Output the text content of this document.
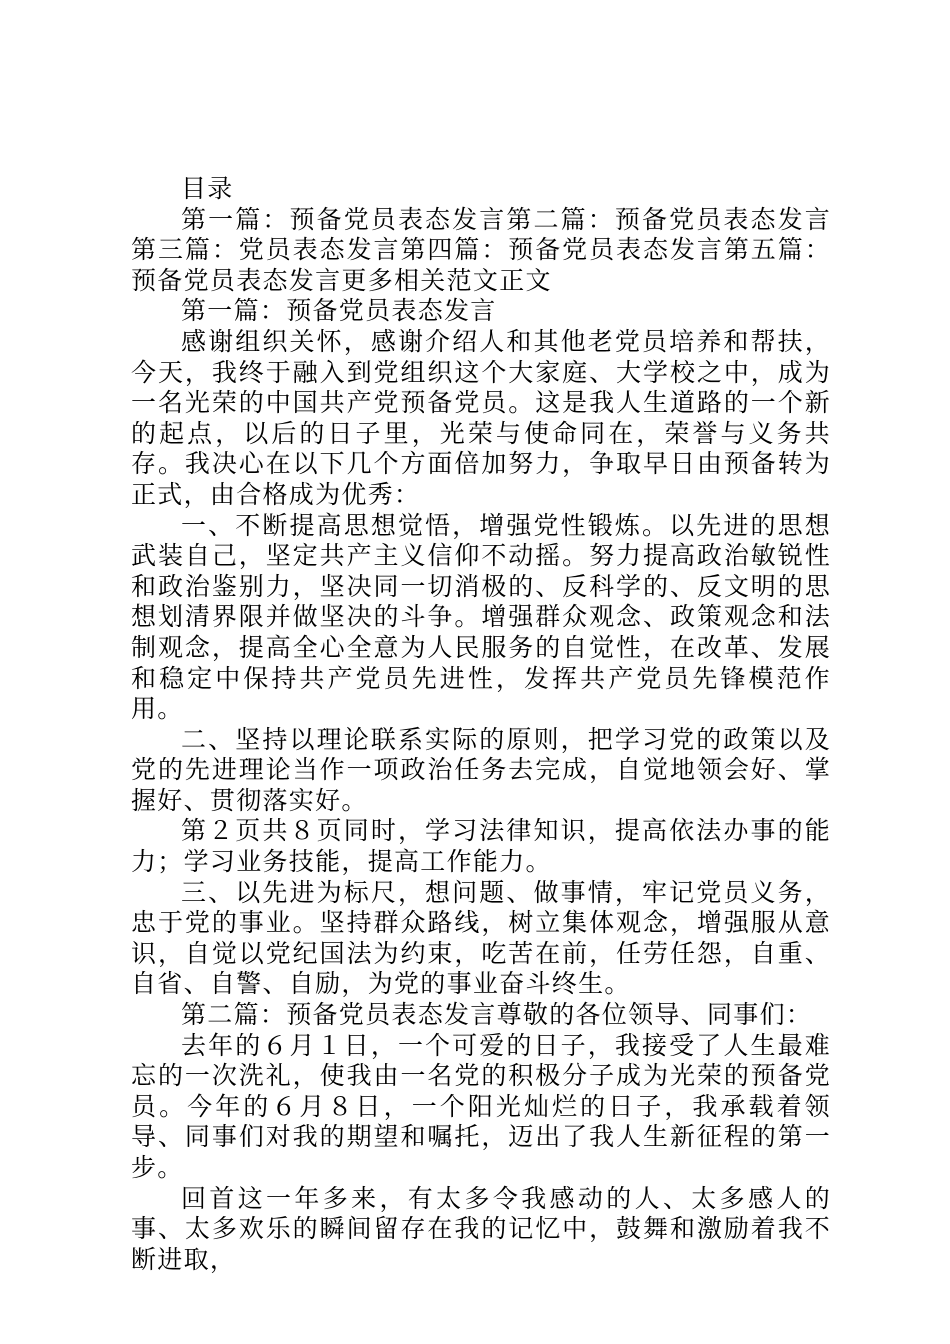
目录

第一篇：预备党员表态发言第二篇：预备党员表态发言第三篇：党员表态发言第四篇：预备党员表态发言第五篇：预备党员表态发言更多相关范文正文

第一篇：预备党员表态发言

感谢组织关怀，感谢介绍人和其他老党员培养和帮扶，今天，我终于融入到党组织这个大家庭、大学校之中，成为一名光荣的中国共产党预备党员。这是我人生道路的一个新的起点，以后的日子里，光荣与使命同在，荣誉与义务共存。我决心在以下几个方面倍加努力，争取早日由预备转为正式，由合格成为优秀：

一、不断提高思想觉悟，增强党性锻炼。以先进的思想武装自己，坚定共产主义信仰不动摇。努力提高政治敏锐性和政治鉴别力，坚决同一切消极的、反科学的、反文明的思想划清界限并做坚决的斗争。增强群众观念、政策观念和法制观念，提高全心全意为人民服务的自觉性，在改革、发展和稳定中保持共产党员先进性，发挥共产党员先锋模范作用。

二、坚持以理论联系实际的原则，把学习党的政策以及党的先进理论当作一项政治任务去完成，自觉地领会好、掌握好、贯彻落实好。

第２页共８页同时，学习法律知识，提高依法办事的能力；学习业务技能，提高工作能力。

三、以先进为标尺，想问题、做事情，牢记党员义务，忠于党的事业。坚持群众路线，树立集体观念，增强服从意识，自觉以党纪国法为约束，吃苦在前，任劳任怨，自重、自省、自警、自励，为党的事业奋斗终生。

第二篇：预备党员表态发言尊敬的各位领导、同事们：

去年的６月１日，一个可爱的日子，我接受了人生最难忘的一次洗礼，使我由一名党的积极分子成为光荣的预备党员。今年的６月８日，一个阳光灿烂的日子，我承载着领导、同事们对我的期望和嘱托，迈出了我人生新征程的第一步。

回首这一年多来，有太多令我感动的人、太多感人的事、太多欢乐的瞬间留存在我的记忆中，鼓舞和激励着我不断进取，
